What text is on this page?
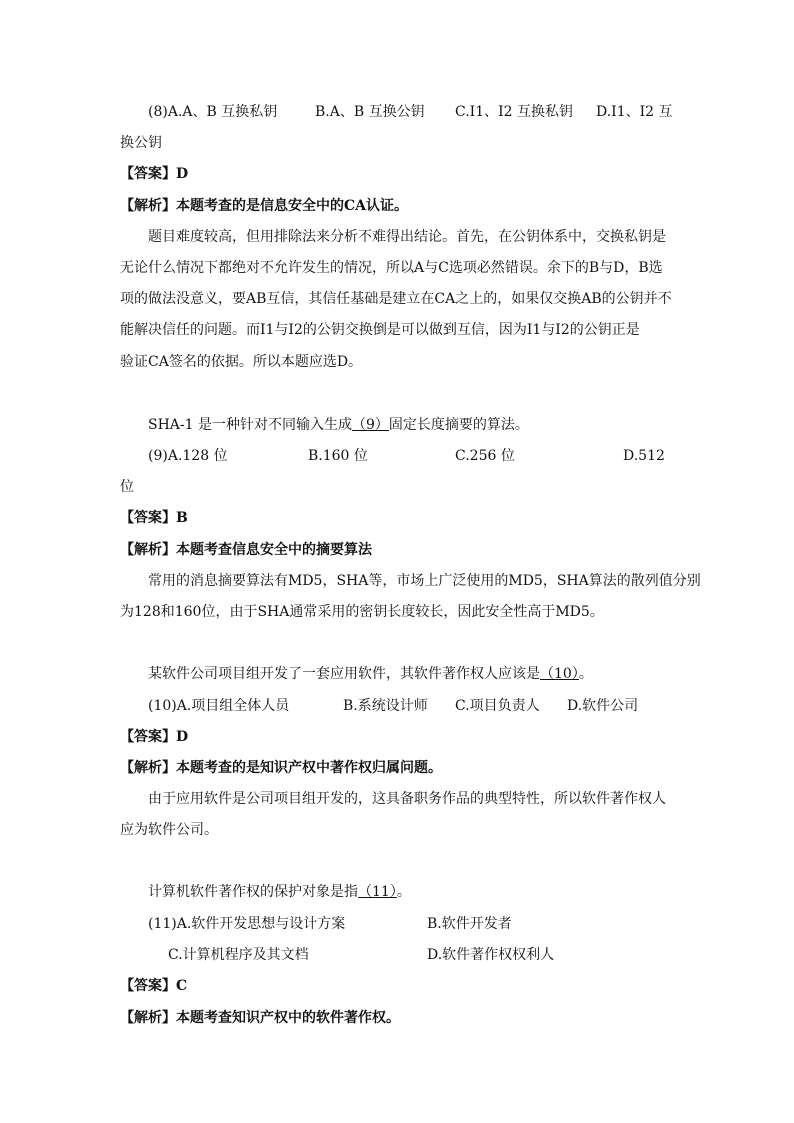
(8)A.A、B 互换私钥	B.A、B 互换公钥 C.I1、I2 互换私钥 D.I1、I2 互
换公钥
【答案】D
【解析】本题考查的是信息安全中的CA认证。
题目难度较高，但用排除法来分析不难得出结论。首先，在公钥体系中，交换私钥是
无论什么情况下都绝对不允许发生的情况，所以A与C选项必然错误。余下的B与D，B选
项的做法没意义，要AB互信，其信任基础是建立在CA之上的，如果仅交换AB的公钥并不
能解决信任的问题。而I1与I2的公钥交换倒是可以做到互信，因为I1与I2的公钥正是
验证CA签名的依据。所以本题应选D。
SHA-1 是一种针对不同输入生成（9）固定长度摘要的算法。
(9)A.128 位	B.160 位	C.256 位	D.512
位
【答案】B
【解析】本题考查信息安全中的摘要算法
常用的消息摘要算法有MD5，SHA等，市场上广泛使用的MD5，SHA算法的散列值分别
为128和160位，由于SHA通常采用的密钥长度较长，因此安全性高于MD5。
某软件公司项目组开发了一套应用软件，其软件著作权人应该是（10）。
(10)A.项目组全体人员	B.系统设计师 C.项目负责人 D.软件公司
【答案】D
【解析】本题考查的是知识产权中著作权归属问题。
由于应用软件是公司项目组开发的，这具备职务作品的典型特性，所以软件著作权人
应为软件公司。
计算机软件著作权的保护对象是指（11）。
(11)A.软件开发思想与设计方案	B.软件开发者
C.计算机程序及其文档	D.软件著作权权利人
【答案】C
【解析】本题考查知识产权中的软件著作权。
